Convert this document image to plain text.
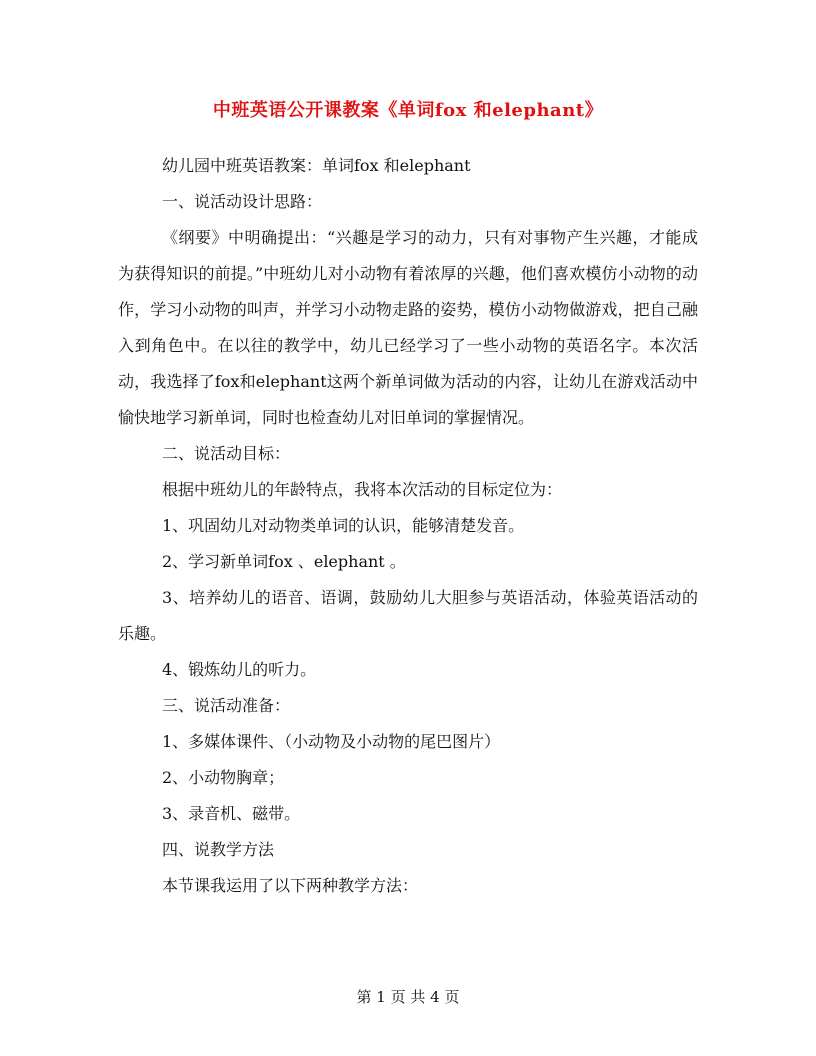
中班英语公开课教案《单词fox 和elephant》

幼儿园中班英语教案：单词fox 和elephant

一、说活动设计思路：

《纲要》中明确提出：“兴趣是学习的动力，只有对事物产生兴趣，才能成为获得知识的前提。”中班幼儿对小动物有着浓厚的兴趣，他们喜欢模仿小动物的动作，学习小动物的叫声，并学习小动物走路的姿势，模仿小动物做游戏，把自己融入到角色中。在以往的教学中，幼儿已经学习了一些小动物的英语名字。本次活动，我选择了fox和elephant这两个新单词做为活动的内容，让幼儿在游戏活动中愉快地学习新单词，同时也检查幼儿对旧单词的掌握情况。

二、说活动目标：

根据中班幼儿的年龄特点，我将本次活动的目标定位为：

1、巩固幼儿对动物类单词的认识，能够清楚发音。

2、学习新单词fox 、elephant 。

3、培养幼儿的语音、语调，鼓励幼儿大胆参与英语活动，体验英语活动的乐趣。

4、锻炼幼儿的听力。

三、说活动准备：

1、多媒体课件、（小动物及小动物的尾巴图片）

2、小动物胸章；

3、录音机、磁带。

四、说教学方法

本节课我运用了以下两种教学方法：

第 1 页 共 4 页
